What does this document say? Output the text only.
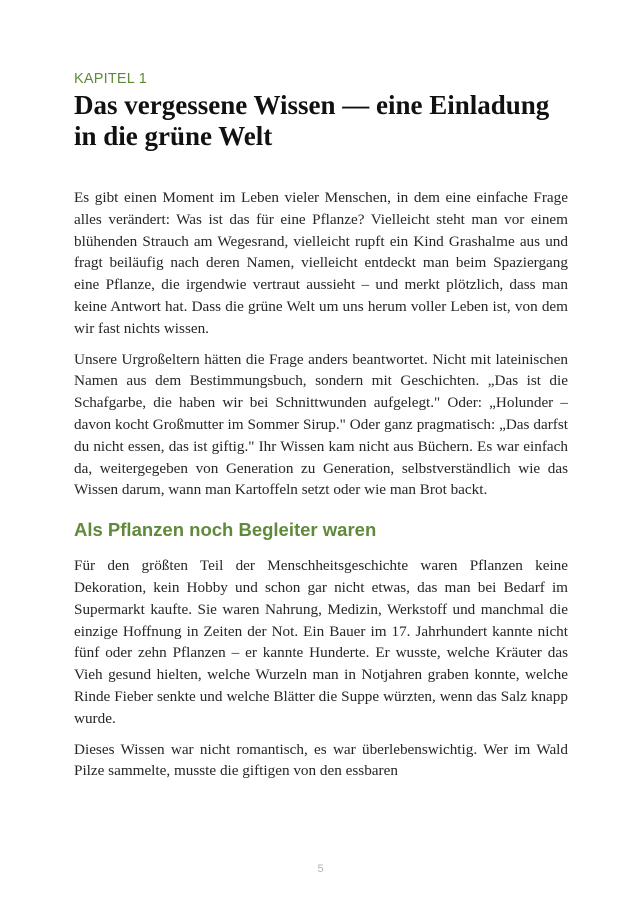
KAPITEL 1
Das vergessene Wissen — eine Einladung in die grüne Welt

Es gibt einen Moment im Leben vieler Menschen, in dem eine einfache Frage alles verändert: Was ist das für eine Pflanze? Vielleicht steht man vor einem blühenden Strauch am Wegesrand, vielleicht rupft ein Kind Grashalme aus und fragt beiläufig nach deren Namen, vielleicht entdeckt man beim Spaziergang eine Pflanze, die irgendwie vertraut aussieht – und merkt plötzlich, dass man keine Antwort hat. Dass die grüne Welt um uns herum voller Leben ist, von dem wir fast nichts wissen.

Unsere Urgroßeltern hätten die Frage anders beantwortet. Nicht mit lateinischen Namen aus dem Bestimmungsbuch, sondern mit Geschichten. „Das ist die Schafgarbe, die haben wir bei Schnittwunden aufgelegt." Oder: „Holunder – davon kocht Großmutter im Sommer Sirup." Oder ganz pragmatisch: „Das darfst du nicht essen, das ist giftig." Ihr Wissen kam nicht aus Büchern. Es war einfach da, weitergegeben von Generation zu Generation, selbstverständlich wie das Wissen darum, wann man Kartoffeln setzt oder wie man Brot backt.

Als Pflanzen noch Begleiter waren

Für den größten Teil der Menschheitsgeschichte waren Pflanzen keine Dekoration, kein Hobby und schon gar nicht etwas, das man bei Bedarf im Supermarkt kaufte. Sie waren Nahrung, Medizin, Werkstoff und manchmal die einzige Hoffnung in Zeiten der Not. Ein Bauer im 17. Jahrhundert kannte nicht fünf oder zehn Pflanzen – er kannte Hunderte. Er wusste, welche Kräuter das Vieh gesund hielten, welche Wurzeln man in Notjahren graben konnte, welche Rinde Fieber senkte und welche Blätter die Suppe würzten, wenn das Salz knapp wurde.

Dieses Wissen war nicht romantisch, es war überlebenswichtig. Wer im Wald Pilze sammelte, musste die giftigen von den essbaren

5
